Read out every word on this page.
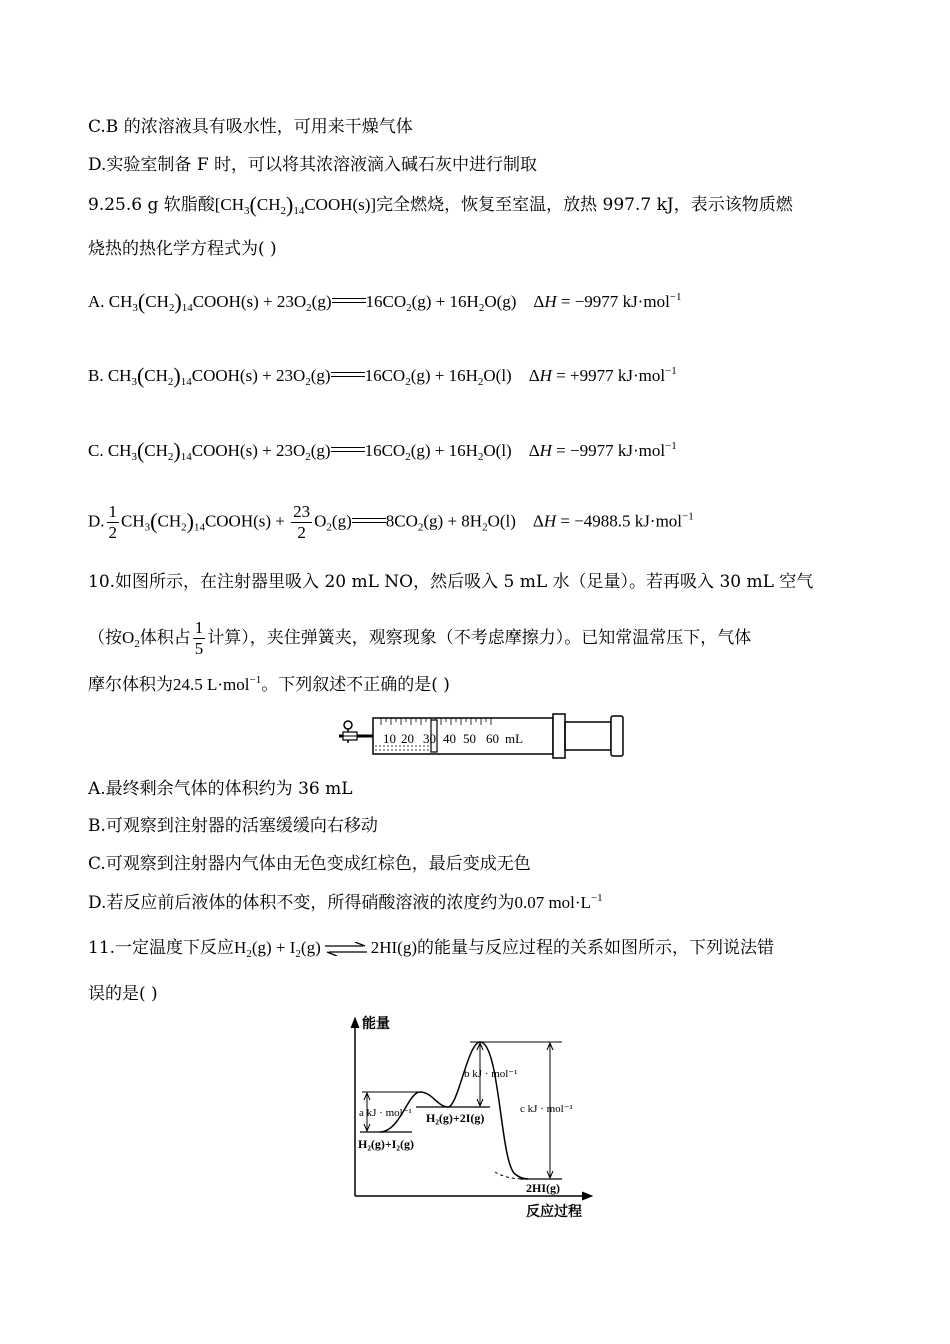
C.B 的浓溶液具有吸水性，可用来干燥气体
D.实验室制备 F 时，可以将其浓溶液滴入碱石灰中进行制取
9.25.6 g 软脂酸$[CH_3(CH_2)_{14}COOH(s)]$完全燃烧，恢复至室温，放热 997.7 kJ，表示该物质燃
烧热的热化学方程式为( )
A. $CH_3(CH_2)_{14}COOH(s) + 23O_2(g) 16CO_2(g) + 16H_2O(g)$    ΔH = −9977 kJ·mol$^{-1}$
B. $CH_3(CH_2)_{14}COOH(s) + 23O_2(g) 16CO_2(g) + 16H_2O(l)$    ΔH = +9977 kJ·mol$^{-1}$
C. $CH_3(CH_2)_{14}COOH(s) + 23O_2(g) 16CO_2(g) + 16H_2O(l)$    ΔH = −9977 kJ·mol$^{-1}$
D. $\frac{1}{2}$ $CH_3(CH_2)_{14}COOH(s) + \frac{23}{2} O_2(g) 8CO_2(g) + 8H_2O(l)$    ΔH = −4988.5 kJ·mol$^{-1}$
10.如图所示，在注射器里吸入 20 mL NO，然后吸入 5 mL 水（足量）。若再吸入 30 mL 空气
（按$O_2$体积占 $\frac{1}{5}$ 计算），夹住弹簧夹，观察现象（不考虑摩擦力）。已知常温常压下，气体
摩尔体积为24.5 L·mol$^{-1}$。下列叙述不正确的是( )
10 20 30 40 50 60 mL
A.最终剩余气体的体积约为 36 mL
B.可观察到注射器的活塞缓缓向右移动
C.可观察到注射器内气体由无色变成红棕色，最后变成无色
D.若反应前后液体的体积不变，所得硝酸溶液的浓度约为0.07 $mol\cdot L^{-1}$
11.一定温度下反应$H_2(g) + I_2(g)$	2HI(g)的能量与反应过程的关系如图所示，下列说法错
误的是( )
能量
反应过程
a kJ · mol⁻¹
b kJ · mol⁻¹
c kJ · mol⁻¹
H₂(g)+I₂(g)
H₂(g)+2I(g)
2HI(g)
